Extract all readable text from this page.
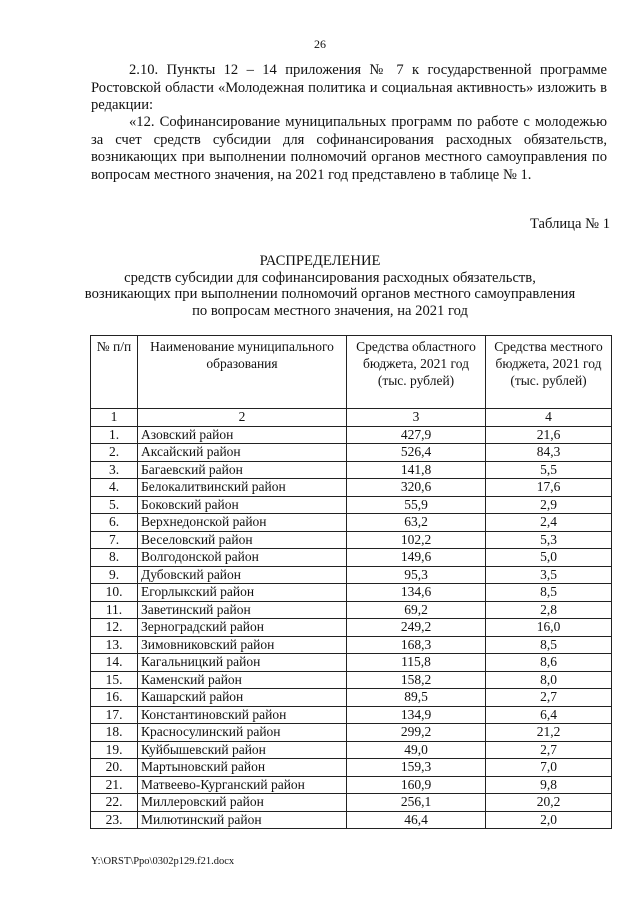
26

2.10. Пункты 12 – 14 приложения № 7 к государственной программе Ростовской области «Молодежная политика и социальная активность» изложить в редакции:

«12. Софинансирование муниципальных программ по работе с молодежью за счет средств субсидии для софинансирования расходных обязательств, возникающих при выполнении полномочий органов местного самоуправления по вопросам местного значения, на 2021 год представлено в таблице № 1.

Таблица № 1
РАСПРЕДЕЛЕНИЕ
средств субсидии для софинансирования расходных обязательств, возникающих при выполнении полномочий органов местного самоуправления по вопросам местного значения, на 2021 год
№ п/п	Наименование муниципального образования	Средства областного бюджета, 2021 год (тыс. рублей)	Средства местного бюджета, 2021 год (тыс. рублей)
1	2	3	4
1.	Азовский район	427,9	21,6
2.	Аксайский район	526,4	84,3
3.	Багаевский район	141,8	5,5
4.	Белокалитвинский район	320,6	17,6
5.	Боковский район	55,9	2,9
6.	Верхнедонской район	63,2	2,4
7.	Веселовский район	102,2	5,3
8.	Волгодонской район	149,6	5,0
9.	Дубовский район	95,3	3,5
10.	Егорлыкский район	134,6	8,5
11.	Заветинский район	69,2	2,8
12.	Зерноградский район	249,2	16,0
13.	Зимовниковский район	168,3	8,5
14.	Кагальницкий район	115,8	8,6
15.	Каменский район	158,2	8,0
16.	Кашарский район	89,5	2,7
17.	Константиновский район	134,9	6,4
18.	Красносулинский район	299,2	21,2
19.	Куйбышевский район	49,0	2,7
20.	Мартыновский район	159,3	7,0
21.	Матвеево-Курганский район	160,9	9,8
22.	Миллеровский район	256,1	20,2
23.	Милютинский район	46,4	2,0
Y:\ORST\Ppo\0302p129.f21.docx
